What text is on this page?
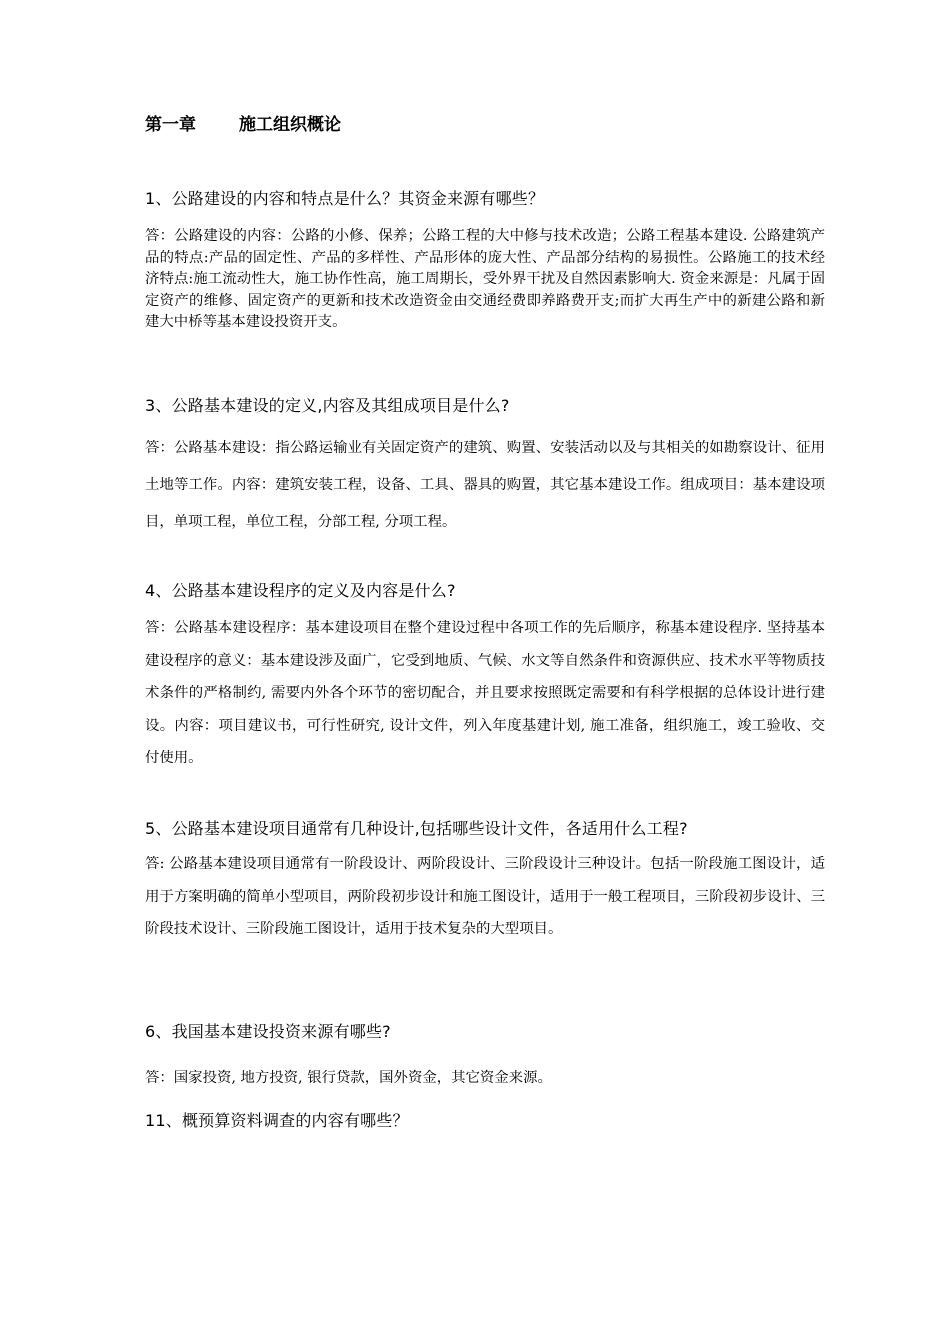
第一章	施工组织概论
1、公路建设的内容和特点是什么？其资金来源有哪些？
答：公路建设的内容：公路的小修、保养；公路工程的大中修与技术改造；公路工程基本建设. 公路建筑产品的特点:产品的固定性、产品的多样性、产品形体的庞大性、产品部分结构的易损性。公路施工的技术经济特点:施工流动性大，施工协作性高，施工周期长，受外界干扰及自然因素影响大. 资金来源是：凡属于固定资产的维修、固定资产的更新和技术改造资金由交通经费即养路费开支;而扩大再生产中的新建公路和新建大中桥等基本建设投资开支。
3、公路基本建设的定义,内容及其组成项目是什么?
答：公路基本建设：指公路运输业有关固定资产的建筑、购置、安装活动以及与其相关的如勘察设计、征用土地等工作。内容：建筑安装工程，设备、工具、器具的购置，其它基本建设工作。组成项目：基本建设项目，单项工程，单位工程，分部工程, 分项工程。
4、公路基本建设程序的定义及内容是什么?
答：公路基本建设程序：基本建设项目在整个建设过程中各项工作的先后顺序，称基本建设程序. 坚持基本建设程序的意义：基本建设涉及面广，它受到地质、气候、水文等自然条件和资源供应、技术水平等物质技术条件的严格制约, 需要内外各个环节的密切配合，并且要求按照既定需要和有科学根据的总体设计进行建设。内容：项目建议书，可行性研究, 设计文件，列入年度基建计划, 施工准备，组织施工，竣工验收、交付使用。
5、公路基本建设项目通常有几种设计,包括哪些设计文件，各适用什么工程?
答: 公路基本建设项目通常有一阶段设计、两阶段设计、三阶段设计三种设计。包括一阶段施工图设计，适用于方案明确的简单小型项目，两阶段初步设计和施工图设计，适用于一般工程项目，三阶段初步设计、三阶段技术设计、三阶段施工图设计，适用于技术复杂的大型项目。
6、我国基本建设投资来源有哪些?
答：国家投资, 地方投资, 银行贷款，国外资金，其它资金来源。
11、概预算资料调查的内容有哪些？
